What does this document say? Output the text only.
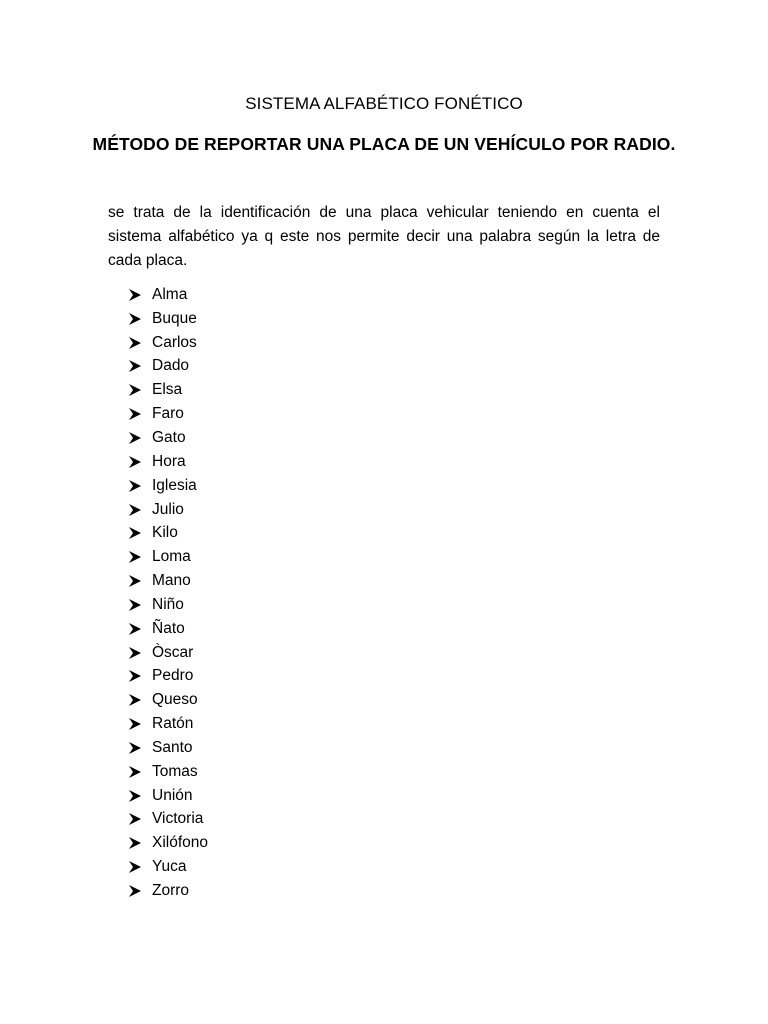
SISTEMA ALFABÉTICO FONÉTICO
MÉTODO DE REPORTAR UNA PLACA DE UN VEHÍCULO POR RADIO.
se trata de la identificación de una placa vehicular teniendo en cuenta el sistema alfabético ya q este nos permite decir una palabra según la letra de cada placa.
Alma
Buque
Carlos
Dado
Elsa
Faro
Gato
Hora
Iglesia
Julio
Kilo
Loma
Mano
Niño
Ñato
Òscar
Pedro
Queso
Ratón
Santo
Tomas
Unión
Victoria
Xilófono
Yuca
Zorro
